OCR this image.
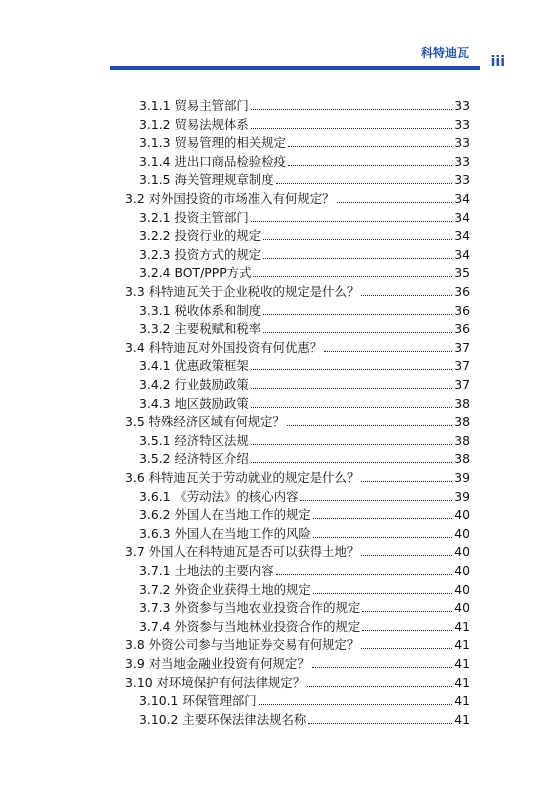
科特迪瓦
iii
3.1.1 贸易主管部门	33
3.1.2 贸易法规体系	33
3.1.3 贸易管理的相关规定	33
3.1.4 进出口商品检验检疫	33
3.1.5 海关管理规章制度	33
3.2 对外国投资的市场准入有何规定？	34
3.2.1 投资主管部门	34
3.2.2 投资行业的规定	34
3.2.3 投资方式的规定	34
3.2.4 BOT/PPP方式	35
3.3 科特迪瓦关于企业税收的规定是什么？	36
3.3.1 税收体系和制度	36
3.3.2 主要税赋和税率	36
3.4 科特迪瓦对外国投资有何优惠？	37
3.4.1 优惠政策框架	37
3.4.2 行业鼓励政策	37
3.4.3 地区鼓励政策	38
3.5 特殊经济区域有何规定？	38
3.5.1 经济特区法规	38
3.5.2 经济特区介绍	38
3.6 科特迪瓦关于劳动就业的规定是什么？	39
3.6.1 《劳动法》的核心内容	39
3.6.2 外国人在当地工作的规定	40
3.6.3 外国人在当地工作的风险	40
3.7 外国人在科特迪瓦是否可以获得土地？	40
3.7.1 土地法的主要内容	40
3.7.2 外资企业获得土地的规定	40
3.7.3 外资参与当地农业投资合作的规定	40
3.7.4 外资参与当地林业投资合作的规定	41
3.8 外资公司参与当地证券交易有何规定？	41
3.9 对当地金融业投资有何规定？	41
3.10 对环境保护有何法律规定？	41
3.10.1 环保管理部门	41
3.10.2 主要环保法律法规名称	41
